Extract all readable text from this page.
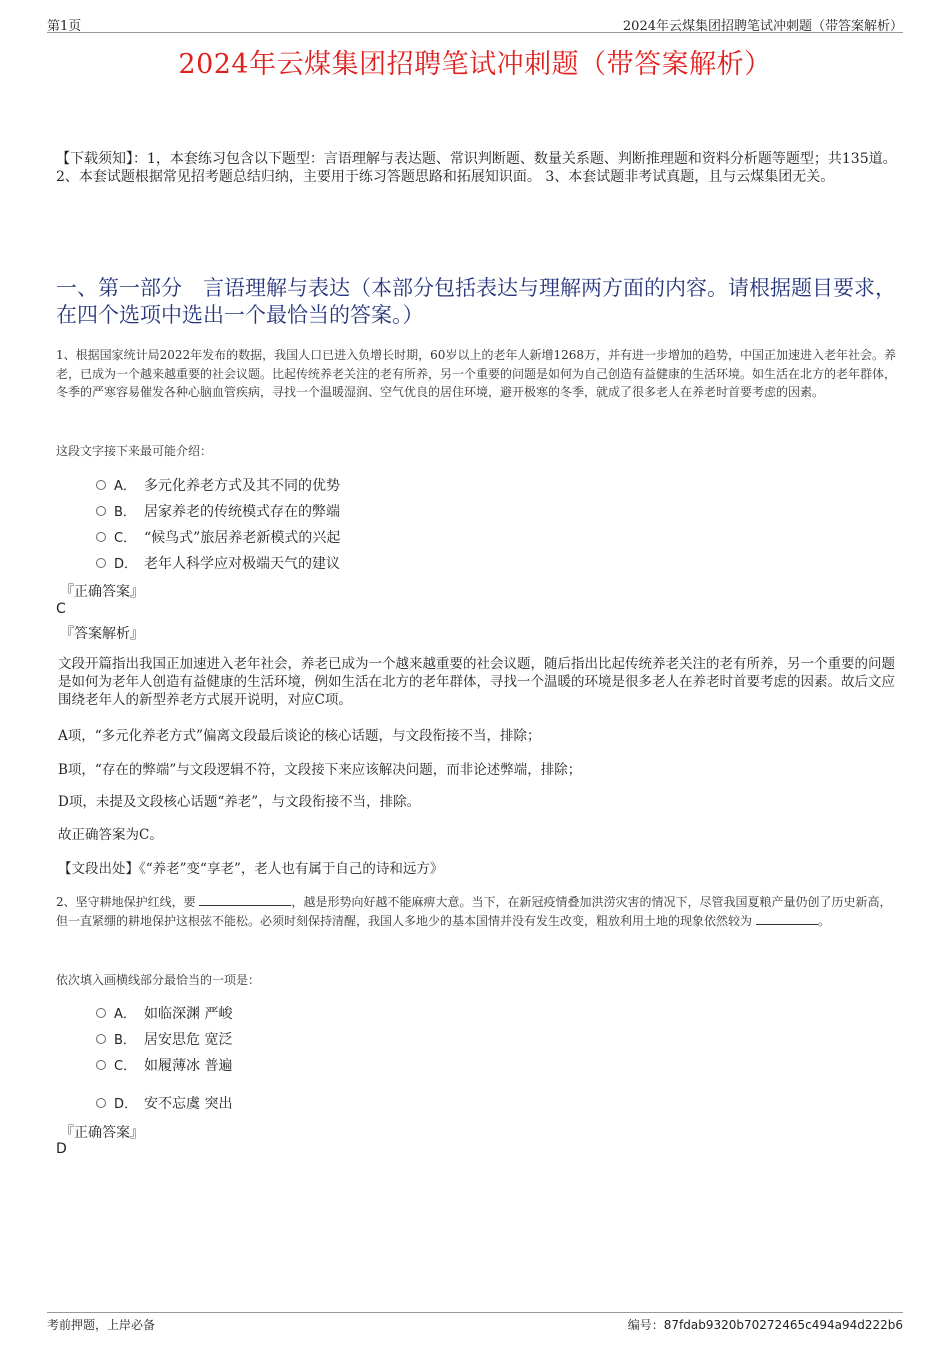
第1页	2024年云煤集团招聘笔试冲刺题（带答案解析）
2024年云煤集团招聘笔试冲刺题（带答案解析）
【下载须知】：1，本套练习包含以下题型：言语理解与表达题、常识判断题、数量关系题、判断推理题和资料分析题等题型；共135道。 2、本套试题根据常见招考题总结归纳，主要用于练习答题思路和拓展知识面。 3、本套试题非考试真题，且与云煤集团无关。
一、第一部分　言语理解与表达（本部分包括表达与理解两方面的内容。请根据题目要求，在四个选项中选出一个最恰当的答案。）
1、根据国家统计局2022年发布的数据，我国人口已进入负增长时期，60岁以上的老年人新增1268万，并有进一步增加的趋势，中国正加速进入老年社会。养老，已成为一个越来越重要的社会议题。比起传统养老关注的老有所养，另一个重要的问题是如何为自己创造有益健康的生活环境。如生活在北方的老年群体，冬季的严寒容易催发各种心脑血管疾病，寻找一个温暖湿润、空气优良的居住环境，避开极寒的冬季，就成了很多老人在养老时首要考虑的因素。
这段文字接下来最可能介绍：
A． 多元化养老方式及其不同的优势
B． 居家养老的传统模式存在的弊端
C． “候鸟式”旅居养老新模式的兴起
D． 老年人科学应对极端天气的建议
『正确答案』
C
『答案解析』
文段开篇指出我国正加速进入老年社会，养老已成为一个越来越重要的社会议题，随后指出比起传统养老关注的老有所养，另一个重要的问题是如何为老年人创造有益健康的生活环境，例如生活在北方的老年群体，寻找一个温暖的环境是很多老人在养老时首要考虑的因素。故后文应围绕老年人的新型养老方式展开说明，对应C项。
A项，“多元化养老方式”偏离文段最后谈论的核心话题，与文段衔接不当，排除；
B项，“存在的弊端”与文段逻辑不符，文段接下来应该解决问题，而非论述弊端，排除；
D项，未提及文段核心话题“养老”，与文段衔接不当，排除。
故正确答案为C。
【文段出处】《“养老”变“享老”，老人也有属于自己的诗和远方》
2、坚守耕地保护红线，要	，越是形势向好越不能麻痹大意。当下，在新冠疫情叠加洪涝灾害的情况下，尽管我国夏粮产量仍创了历史新高，但一直紧绷的耕地保护这根弦不能松。必须时刻保持清醒，我国人多地少的基本国情并没有发生改变，粗放利用土地的现象依然较为	。
依次填入画横线部分最恰当的一项是：
A． 如临深渊 严峻
B． 居安思危 宽泛
C． 如履薄冰 普遍
D． 安不忘虞 突出
『正确答案』
D
考前押题，上岸必备	编号：87fdab9320b70272465c494a94d222b6
